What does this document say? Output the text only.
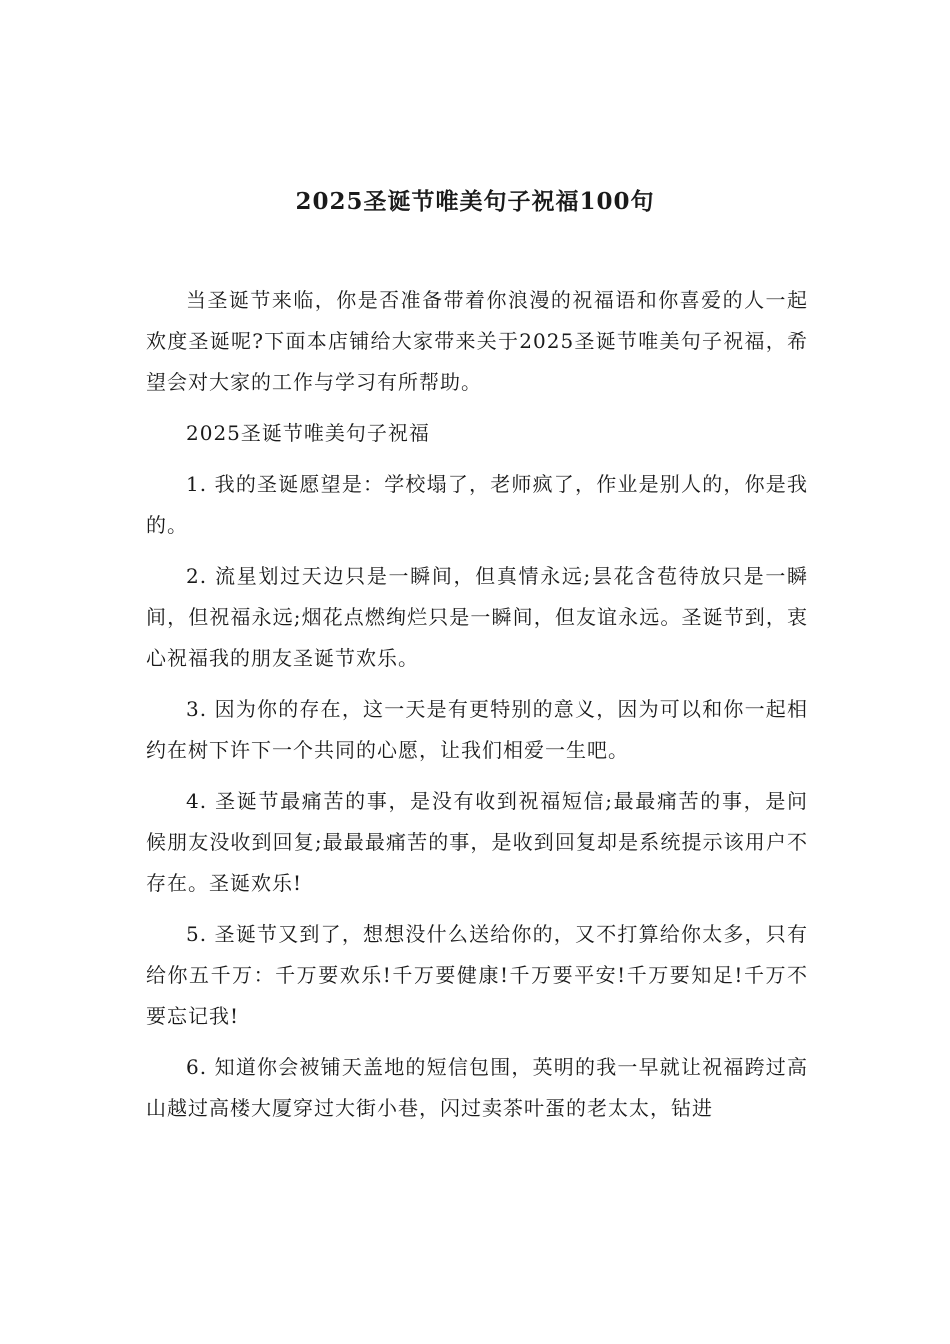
2025圣诞节唯美句子祝福100句

当圣诞节来临，你是否准备带着你浪漫的祝福语和你喜爱的人一起欢度圣诞呢?下面本店铺给大家带来关于2025圣诞节唯美句子祝福，希望会对大家的工作与学习有所帮助。

2025圣诞节唯美句子祝福

1. 我的圣诞愿望是：学校塌了，老师疯了，作业是别人的，你是我的。

2. 流星划过天边只是一瞬间，但真情永远;昙花含苞待放只是一瞬间，但祝福永远;烟花点燃绚烂只是一瞬间，但友谊永远。圣诞节到，衷心祝福我的朋友圣诞节欢乐。

3. 因为你的存在，这一天是有更特别的意义，因为可以和你一起相约在树下许下一个共同的心愿，让我们相爱一生吧。

4. 圣诞节最痛苦的事，是没有收到祝福短信;最最痛苦的事，是问候朋友没收到回复;最最最痛苦的事，是收到回复却是系统提示该用户不存在。圣诞欢乐!

5. 圣诞节又到了，想想没什么送给你的，又不打算给你太多，只有给你五千万：千万要欢乐!千万要健康!千万要平安!千万要知足!千万不要忘记我!

6. 知道你会被铺天盖地的短信包围，英明的我一早就让祝福跨过高山越过高楼大厦穿过大街小巷，闪过卖茶叶蛋的老太太，钻进
